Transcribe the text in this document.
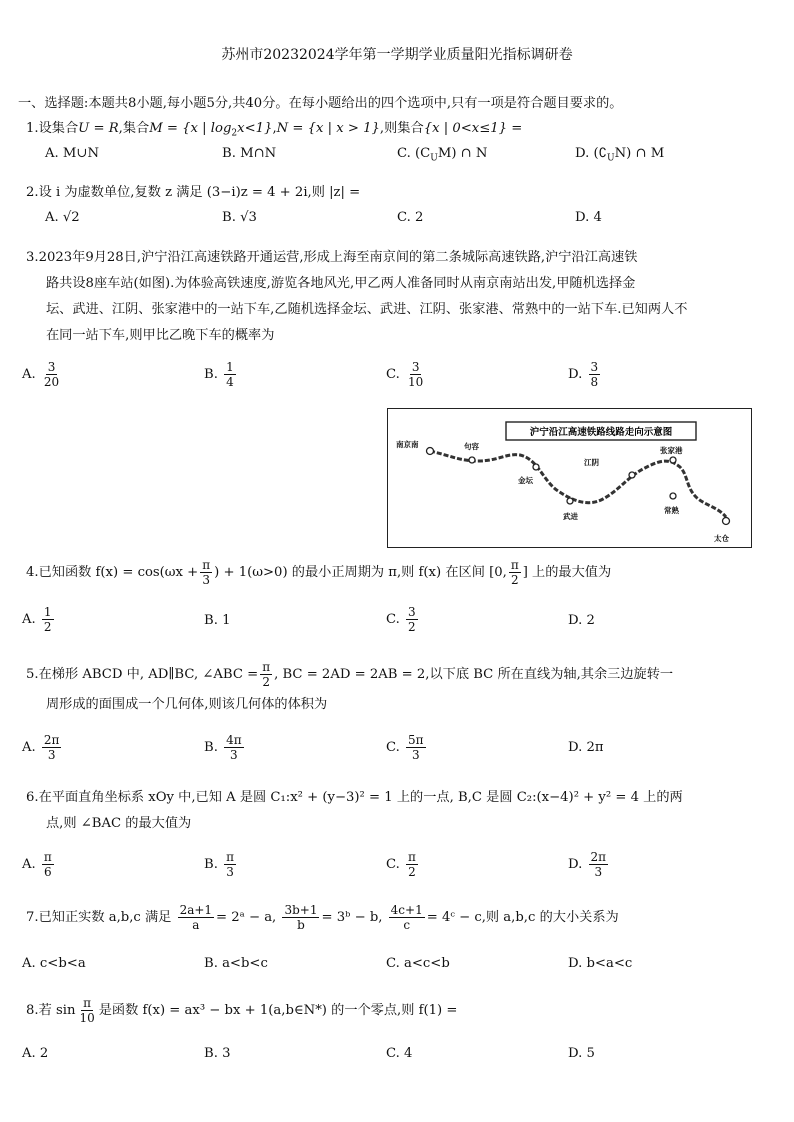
苏州市20232024学年第一学期学业质量阳光指标调研卷
一、选择题:本题共8小题,每小题5分,共40分。在每小题给出的四个选项中,只有一项是符合题目要求的。
1.设集合U = R,集合M = {x | $\log_2x<1\},N = \{x$ | x > 1},则集合{x | 0<x≤1} =
A. M∪N	B. M∩N	C. $(C_UM)$ ∩ N	D. $(∁_UN)$ ∩ M
2.设 i 为虚数单位,复数 z 满足 (3−i)z = 4 + 2i,则 |z| =
A. √2	B. √3	C. 2	D. 4
3.2023年9月28日,沪宁沿江高速铁路开通运营,形成上海至南京间的第二条城际高速铁路,沪宁沿江高速铁
路共设8座车站(如图).为体验高铁速度,游览各地风光,甲乙两人准备同时从南京南站出发,甲随机选择金
坛、武进、江阴、张家港中的一站下车,乙随机选择金坛、武进、江阴、张家港、常熟中的一站下车.已知两人不
在同一站下车,则甲比乙晚下车的概率为
A. $\frac{3}{20}$	B. $\frac{1}{4}$	C. $\frac{3}{10}$	D. $\frac{3}{8}$
沪宁沿江高速铁路线路走向示意图
南京南	句容
金坛
武进
江阴
张家港
常熟
太仓
4.已知函数 $f(x) = \cos(\omega x + \frac{\pi}{3}$ ) + 1(ω>0) 的最小正周期为 π,则 f(x) 在区间 [0, $\frac{\pi}{2}$ ] 上的最大值为
A. $\frac{1}{2}$	B. 1	C. $\frac{3}{2}$	D. 2
5.在梯形 ABCD 中, AD∥BC, ∠ABC = $\frac{\pi}{2}$ , BC = 2AD = 2AB = 2,以下底 BC 所在直线为轴,其余三边旋转一
周形成的面围成一个几何体,则该几何体的体积为
A. $\frac{2\pi}{3}$	B. $\frac{4\pi}{3}$	C. $\frac{5\pi}{3}$	D. 2π
6.在平面直角坐标系 xOy 中,已知 A 是圆 C₁:x² + (y−3)² = 1 上的一点, B,C 是圆 C₂:(x−4)² + y² = 4 上的两
点,则 ∠BAC 的最大值为
A. $\frac{\pi}{6}$	B. $\frac{\pi}{3}$	C. $\frac{\pi}{2}$	D. $\frac{2\pi}{3}$
7.已知正实数 a,b,c 满足 $\frac{2a+1}{a}$ = 2ᵃ − a, $\frac{3b+1}{b}$ = 3ᵇ − b, $\frac{4c+1}{c}$ = 4ᶜ − c,则 a,b,c 的大小关系为
A. c<b<a	B. a<b<c	C. a<c<b	D. b<a<c
8.若 $\sin \frac{\pi}{10}$ 是函数 f(x) = ax³ − bx + 1(a,b∈N*) 的一个零点,则 f(1) =
A. 2	B. 3	C. 4	D. 5
